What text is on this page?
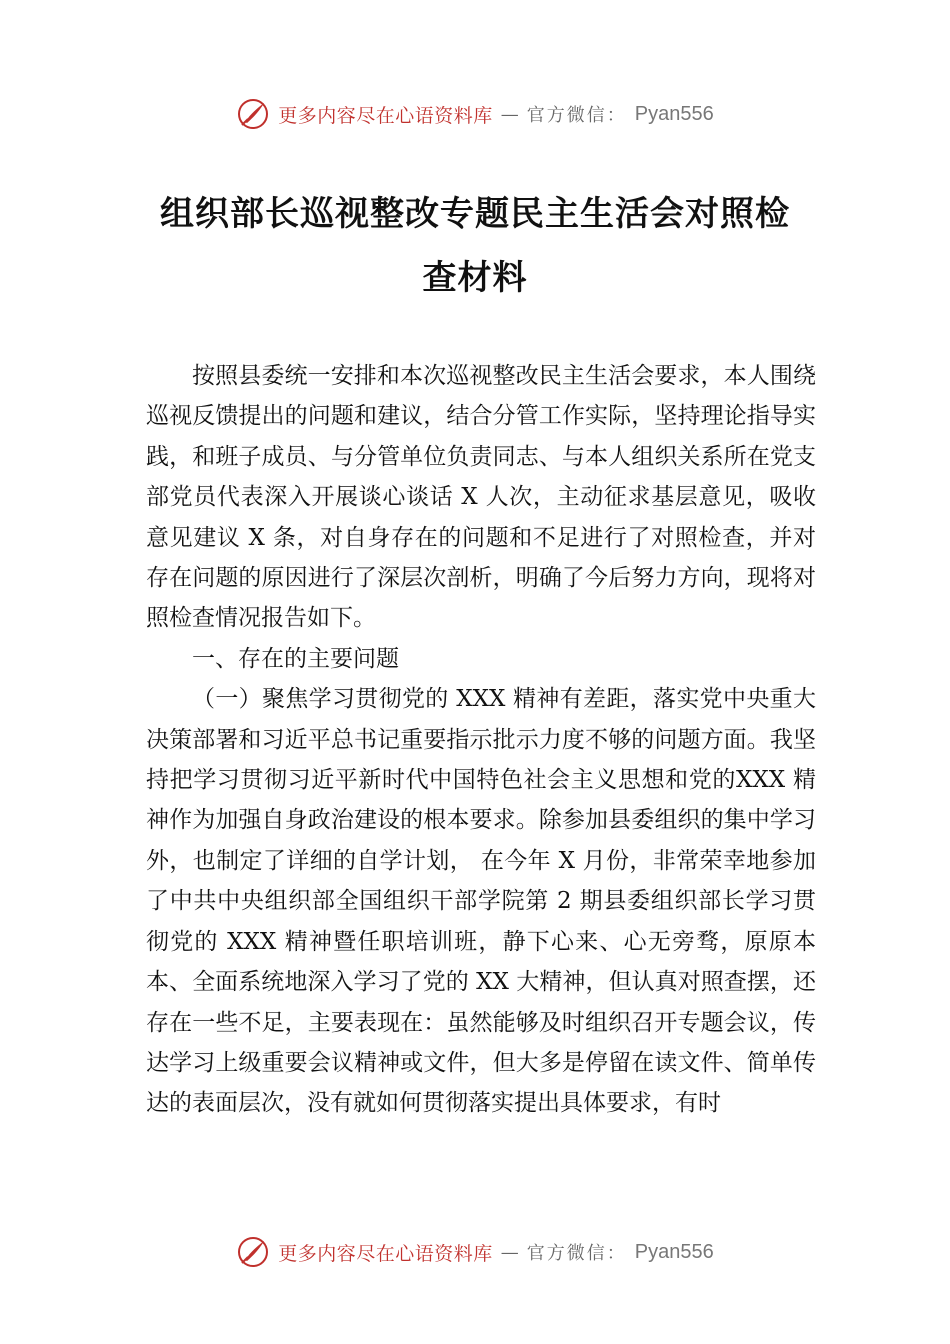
更多内容尽在心语资料库 — 官方微信： Pyan556
组织部长巡视整改专题民主生活会对照检查材料

按照县委统一安排和本次巡视整改民主生活会要求，本人围绕巡视反馈提出的问题和建议，结合分管工作实际，坚持理论指导实践，和班子成员、与分管单位负责同志、与本人组织关系所在党支部党员代表深入开展谈心谈话 X 人次，主动征求基层意见，吸收意见建议 X 条，对自身存在的问题和不足进行了对照检查，并对存在问题的原因进行了深层次剖析，明确了今后努力方向，现将对照检查情况报告如下。

一、存在的主要问题

（一）聚焦学习贯彻党的 XXX 精神有差距，落实党中央重大决策部署和习近平总书记重要指示批示力度不够的问题方面。我坚持把学习贯彻习近平新时代中国特色社会主义思想和党的XXX 精神作为加强自身政治建设的根本要求。除参加县委组织的集中学习外，也制定了详细的自学计划， 在今年 X 月份，非常荣幸地参加了中共中央组织部全国组织干部学院第 2 期县委组织部长学习贯彻党的 XXX 精神暨任职培训班，静下心来、心无旁骛，原原本本、全面系统地深入学习了党的 XX 大精神，但认真对照查摆，还存在一些不足，主要表现在：虽然能够及时组织召开专题会议，传达学习上级重要会议精神或文件，但大多是停留在读文件、简单传达的表面层次，没有就如何贯彻落实提出具体要求，有时

更多内容尽在心语资料库 — 官方微信： Pyan556
